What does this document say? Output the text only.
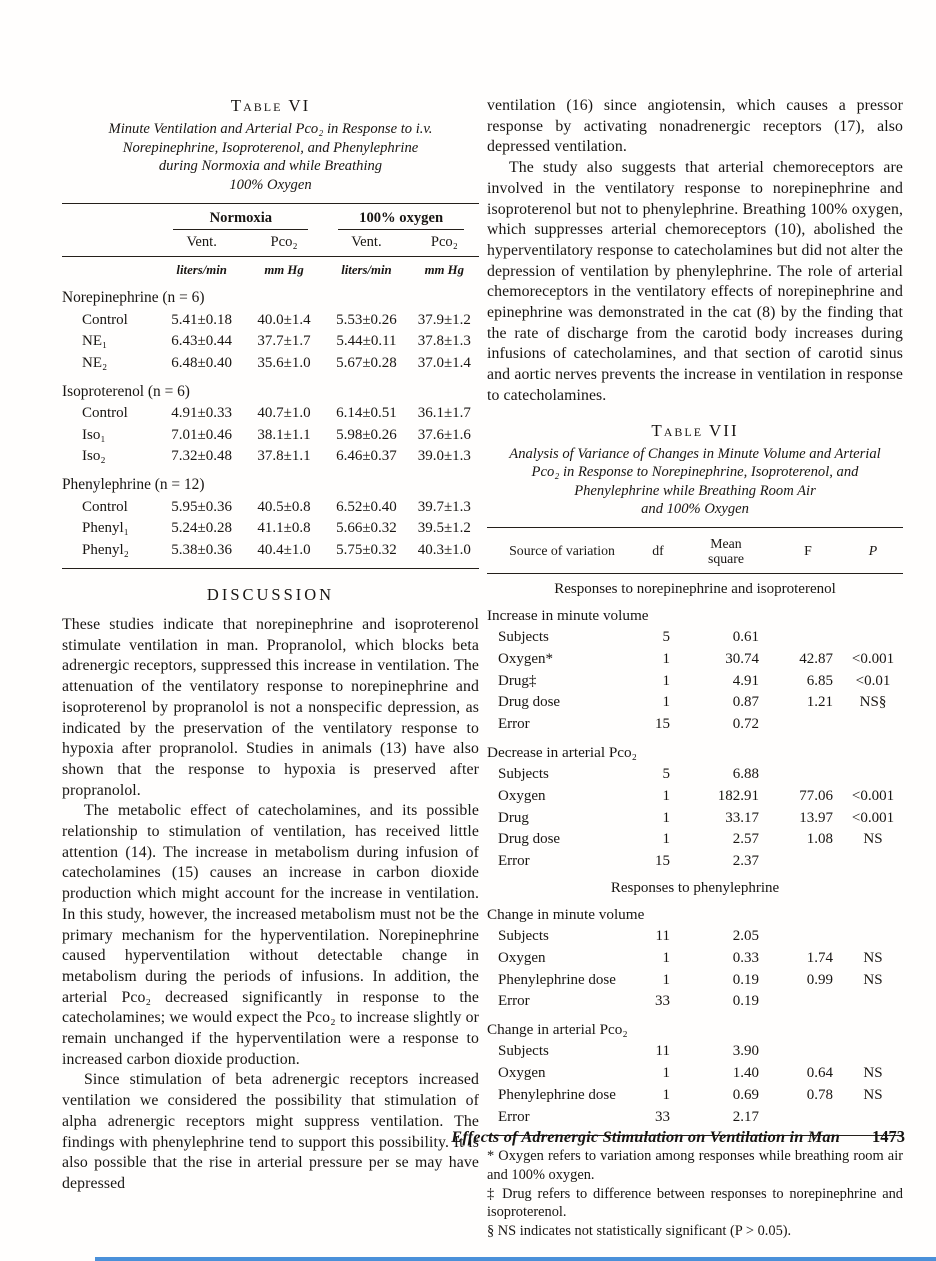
Table VI
Minute Ventilation and Arterial Pco₂ in Response to i.v.
Norepinephrine, Isoproterenol, and Phenylephrine
during Normoxia and while Breathing
100% Oxygen

	Normoxia		100% oxygen	

	Vent.	Pco₂	Vent.	Pco₂
	liters/min	mm Hg	liters/min	mm Hg
Norepinephrine (n = 6)				
Control	5.41±0.18	40.0±1.4	5.53±0.26	37.9±1.2
NE₁	6.43±0.44	37.7±1.7	5.44±0.11	37.8±1.3
NE₂	6.48±0.40	35.6±1.0	5.67±0.28	37.0±1.4
Isoproterenol (n = 6)				
Control	4.91±0.33	40.7±1.0	6.14±0.51	36.1±1.7
Iso₁	7.01±0.46	38.1±1.1	5.98±0.26	37.6±1.6
Iso₂	7.32±0.48	37.8±1.1	6.46±0.37	39.0±1.3
Phenylephrine (n = 12)				
Control	5.95±0.36	40.5±0.8	6.52±0.40	39.7±1.3
Phenyl₁	5.24±0.28	41.1±0.8	5.66±0.32	39.5±1.2
Phenyl₂	5.38±0.36	40.4±1.0	5.75±0.32	40.3±1.0
DISCUSSION

These studies indicate that norepinephrine and isoproterenol stimulate ventilation in man. Propranolol, which blocks beta adrenergic receptors, suppressed this increase in ventilation. The attenuation of the ventilatory response to norepinephrine and isoproterenol by propranolol is not a nonspecific depression, as indicated by the preservation of the ventilatory response to hypoxia after propranolol. Studies in animals (13) have also shown that the response to hypoxia is preserved after propranolol.

The metabolic effect of catecholamines, and its possible relationship to stimulation of ventilation, has received little attention (14). The increase in metabolism during infusion of catecholamines (15) causes an increase in carbon dioxide production which might account for the increase in ventilation. In this study, however, the increased metabolism must not be the primary mechanism for the hyperventilation. Norepinephrine caused hyperventilation without detectable change in metabolism during the periods of infusions. In addition, the arterial Pco₂ decreased significantly in response to the catecholamines; we would expect the Pco₂ to increase slightly or remain unchanged if the hyperventilation were a response to increased carbon dioxide production.

Since stimulation of beta adrenergic receptors increased ventilation we considered the possibility that stimulation of alpha adrenergic receptors might suppress ventilation. The findings with phenylephrine tend to support this possibility. It is also possible that the rise in arterial pressure per se may have depressed

ventilation (16) since angiotensin, which causes a pressor response by activating nonadrenergic receptors (17), also depressed ventilation.

The study also suggests that arterial chemoreceptors are involved in the ventilatory response to norepinephrine and isoproterenol but not to phenylephrine. Breathing 100% oxygen, which suppresses arterial chemoreceptors (10), abolished the hyperventilatory response to catecholamines but did not alter the depression of ventilation by phenylephrine. The role of arterial chemoreceptors in the ventilatory effects of norepinephrine and epinephrine was demonstrated in the cat (8) by the finding that the rate of discharge from the carotid body increases during infusions of catecholamines, and that section of carotid sinus and aortic nerves prevents the increase in ventilation in response to catecholamines.

Table VII
Analysis of Variance of Changes in Minute Volume and Arterial
Pco₂ in Response to Norepinephrine, Isoproterenol, and
Phenylephrine while Breathing Room Air
and 100% Oxygen
Source of variation	df	Mean square	F	P
Responses to norepinephrine and isoproterenol				
Increase in minute volume				
Subjects	5	0.61		
Oxygen*	1	30.74	42.87	<0.001
Drug‡	1	4.91	6.85	<0.01
Drug dose	1	0.87	1.21	NS§
Error	15	0.72		
Decrease in arterial Pco₂				
Subjects	5	6.88		
Oxygen	1	182.91	77.06	<0.001
Drug	1	33.17	13.97	<0.001
Drug dose	1	2.57	1.08	NS
Error	15	2.37		
Responses to phenylephrine				
Change in minute volume				
Subjects	11	2.05		
Oxygen	1	0.33	1.74	NS
Phenylephrine dose	1	0.19	0.99	NS
Error	33	0.19		
Change in arterial Pco₂				
Subjects	11	3.90		
Oxygen	1	1.40	0.64	NS
Phenylephrine dose	1	0.69	0.78	NS
Error	33	2.17		

* Oxygen refers to variation among responses while breathing room air and 100% oxygen.

‡ Drug refers to difference between responses to norepinephrine and isoproterenol.

§ NS indicates not statistically significant (P > 0.05).

Effects of Adrenergic Stimulation on Ventilation in Man 1473
